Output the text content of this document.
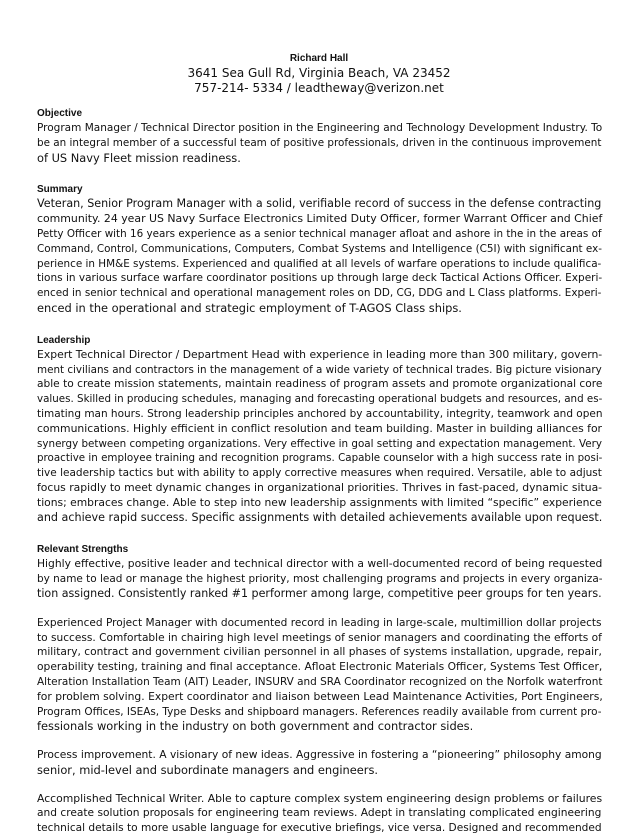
Richard Hall
3641 Sea Gull Rd, Virginia Beach, VA 23452
757-214- 5334 / leadtheway@verizon.net
Objective
Program Manager / Technical Director position in the Engineering and Technology Development Industry. To
be an integral member of a successful team of positive professionals, driven in the continuous improvement
of US Navy Fleet mission readiness.
Summary
Veteran, Senior Program Manager with a solid, verifiable record of success in the defense contracting
community. 24 year US Navy Surface Electronics Limited Duty Officer, former Warrant Officer and Chief
Petty Officer with 16 years experience as a senior technical manager afloat and ashore in the in the areas of
Command, Control, Communications, Computers, Combat Systems and Intelligence (C5I) with significant ex-
perience in HM&E systems. Experienced and qualified at all levels of warfare operations to include qualifica-
tions in various surface warfare coordinator positions up through large deck Tactical Actions Officer. Experi-
enced in senior technical and operational management roles on DD, CG, DDG and L Class platforms. Experi-
enced in the operational and strategic employment of T-AGOS Class ships.
Leadership
Expert Technical Director / Department Head with experience in leading more than 300 military, govern-
ment civilians and contractors in the management of a wide variety of technical trades. Big picture visionary
able to create mission statements, maintain readiness of program assets and promote organizational core
values. Skilled in producing schedules, managing and forecasting operational budgets and resources, and es-
timating man hours. Strong leadership principles anchored by accountability, integrity, teamwork and open
communications. Highly efficient in conflict resolution and team building. Master in building alliances for
synergy between competing organizations. Very effective in goal setting and expectation management. Very
proactive in employee training and recognition programs. Capable counselor with a high success rate in posi-
tive leadership tactics but with ability to apply corrective measures when required. Versatile, able to adjust
focus rapidly to meet dynamic changes in organizational priorities. Thrives in fast-paced, dynamic situa-
tions; embraces change. Able to step into new leadership assignments with limited “specific” experience
and achieve rapid success. Specific assignments with detailed achievements available upon request.
Relevant Strengths
Highly effective, positive leader and technical director with a well-documented record of being requested
by name to lead or manage the highest priority, most challenging programs and projects in every organiza-
tion assigned. Consistently ranked #1 performer among large, competitive peer groups for ten years.
Experienced Project Manager with documented record in leading in large-scale, multimillion dollar projects
to success. Comfortable in chairing high level meetings of senior managers and coordinating the efforts of
military, contract and government civilian personnel in all phases of systems installation, upgrade, repair,
operability testing, training and final acceptance. Afloat Electronic Materials Officer, Systems Test Officer,
Alteration Installation Team (AIT) Leader, INSURV and SRA Coordinator recognized on the Norfolk waterfront
for problem solving. Expert coordinator and liaison between Lead Maintenance Activities, Port Engineers,
Program Offices, ISEAs, Type Desks and shipboard managers. References readily available from current pro-
fessionals working in the industry on both government and contractor sides.
Process improvement. A visionary of new ideas. Aggressive in fostering a “pioneering” philosophy among
senior, mid-level and subordinate managers and engineers.
Accomplished Technical Writer. Able to capture complex system engineering design problems or failures
and create solution proposals for engineering team reviews. Adept in translating complicated engineering
technical details to more usable language for executive briefings, vice versa. Designed and recommended
